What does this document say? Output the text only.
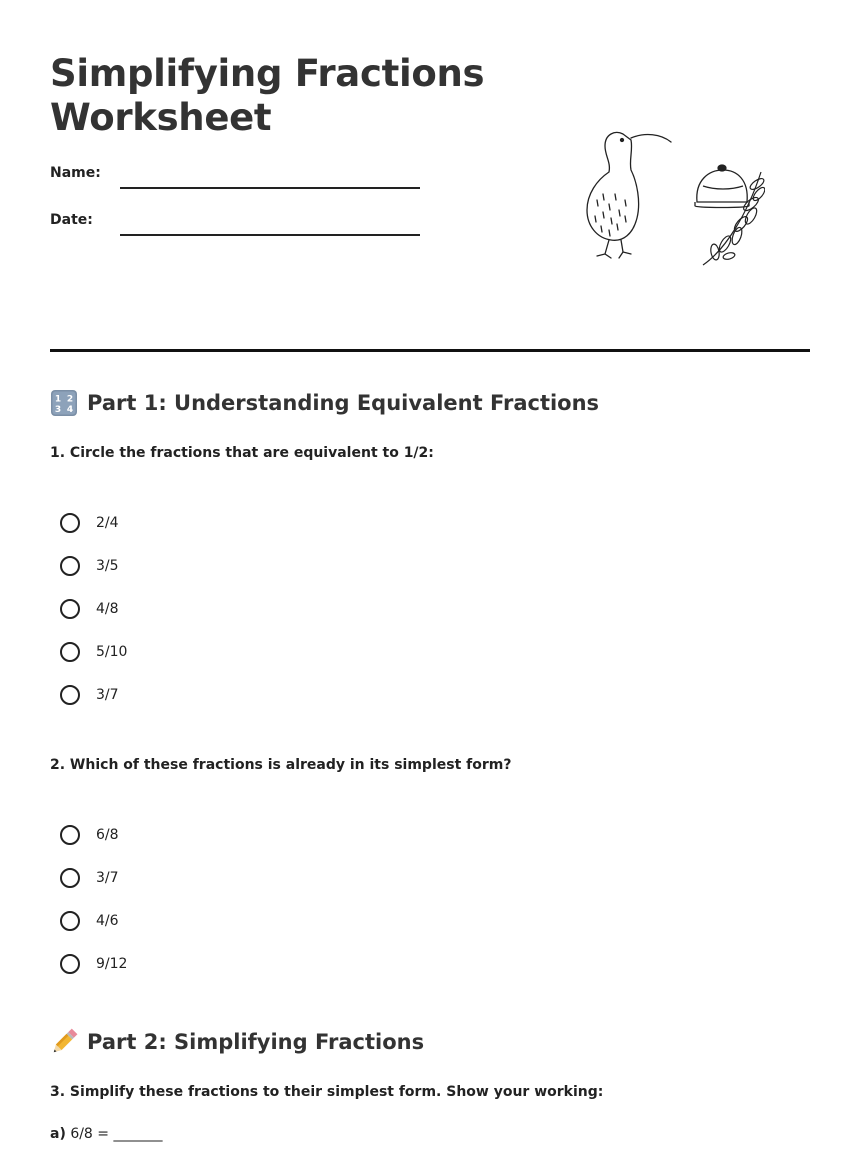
Simplifying Fractions Worksheet
Name:
Date:
1 2
3 4 Part 1: Understanding Equivalent Fractions

1. Circle the fractions that are equivalent to 1/2:

2/4
3/5
4/8
5/10
3/7

2. Which of these fractions is already in its simplest form?

6/8
3/7
4/6
9/12
Part 2: Simplifying Fractions

3. Simplify these fractions to their simplest form. Show your working:

a) 6/8 = _______
